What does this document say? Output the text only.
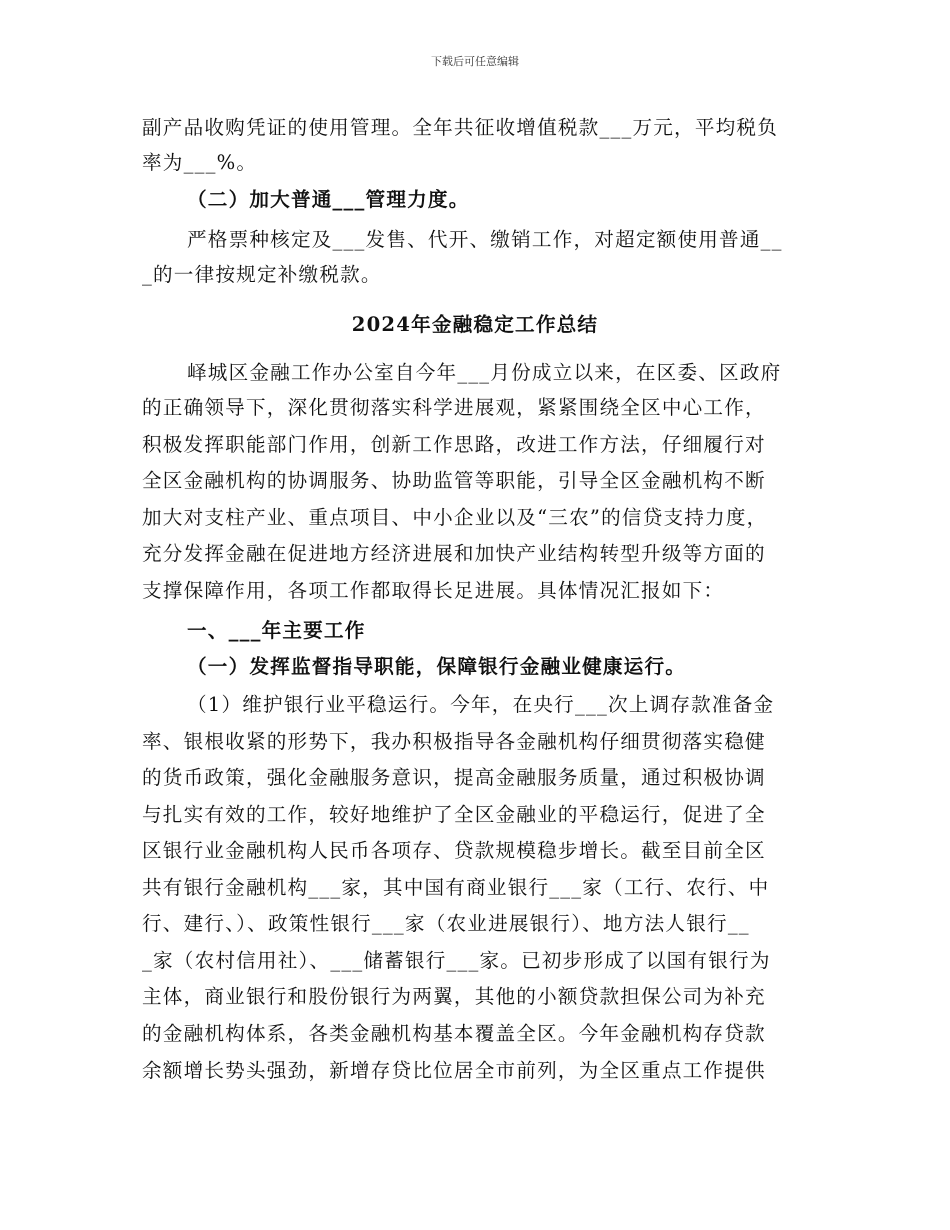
下载后可任意编辑
副产品收购凭证的使用管理。全年共征收增值税款___万元，平均税负
率为___%。
（二）加大普通___管理力度。
严格票种核定及___发售、代开、缴销工作，对超定额使用普通__
_的一律按规定补缴税款。
2024年金融稳定工作总结
峄城区金融工作办公室自今年___月份成立以来，在区委、区政府
的正确领导下，深化贯彻落实科学进展观，紧紧围绕全区中心工作，
积极发挥职能部门作用，创新工作思路，改进工作方法，仔细履行对
全区金融机构的协调服务、协助监管等职能，引导全区金融机构不断
加大对支柱产业、重点项目、中小企业以及“三农”的信贷支持力度，
充分发挥金融在促进地方经济进展和加快产业结构转型升级等方面的
支撑保障作用，各项工作都取得长足进展。具体情况汇报如下：
一、___年主要工作
（一）发挥监督指导职能，保障银行金融业健康运行。
（1）维护银行业平稳运行。今年，在央行___次上调存款准备金
率、银根收紧的形势下，我办积极指导各金融机构仔细贯彻落实稳健
的货币政策，强化金融服务意识，提高金融服务质量，通过积极协调
与扎实有效的工作，较好地维护了全区金融业的平稳运行，促进了全
区银行业金融机构人民币各项存、贷款规模稳步增长。截至目前全区
共有银行金融机构___家，其中国有商业银行___家（工行、农行、中
行、建行、）、政策性银行___家（农业进展银行）、地方法人银行__
_家（农村信用社）、___储蓄银行___家。已初步形成了以国有银行为
主体，商业银行和股份银行为两翼，其他的小额贷款担保公司为补充
的金融机构体系，各类金融机构基本覆盖全区。今年金融机构存贷款
余额增长势头强劲，新增存贷比位居全市前列，为全区重点工作提供
